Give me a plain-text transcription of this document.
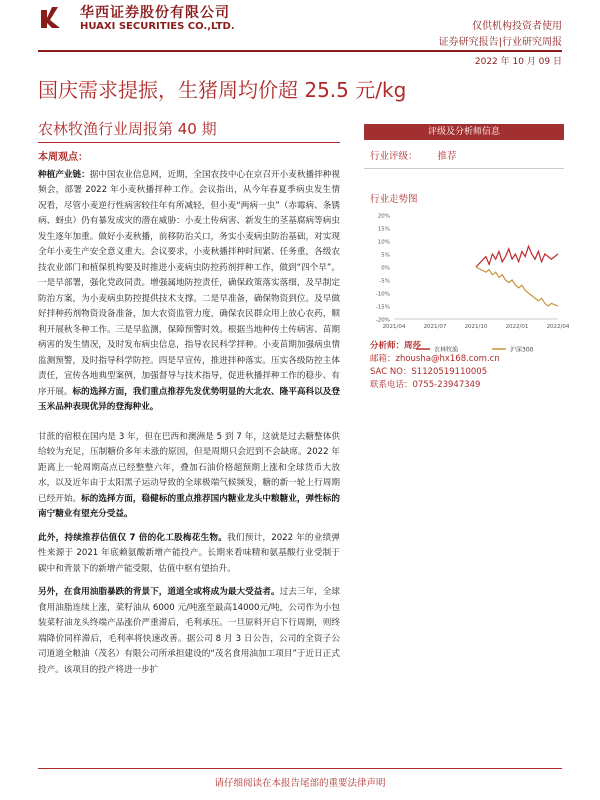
华西证券股份有限公司
HUAXI SECURITIES CO.,LTD.	仅供机构投资者使用
证券研究报告|行业研究周报
2022 年 10 月 09 日
国庆需求提振，生猪周均价超 25.5 元/kg
农林牧渔行业周报第 40 期
本周观点：
种植产业链：据中国农业信息网，近期，全国农技中心在京召开小麦秋播拌种视频会，部署 2022 年小麦秋播拌种工作。会议指出，从今年春夏季病虫发生情况看，尽管小麦逆行性病害较往年有所减轻，但小麦“两病一虫”（赤霉病、条锈病、蚜虫）仍有暴发成灾的潜在威胁：小麦土传病害、新发生的茎基腐病等病虫发生逐年加重。做好小麦秋播，前移防治关口，务实小麦病虫防治基础，对实现全年小麦生产安全意义重大。会议要求，小麦秋播拌种时间紧、任务重，各级农技农业部门和植保机构要及时推进小麦病虫防控药剂拌种工作，做到“四个早”。一是早部署，强化党政同责。增强属地防控责任，确保政策落实落细，及早制定防治方案，为小麦病虫防控提供技术支撑。二是早准备，确保物资到位。及早做好拌种药剂物资设备准备，加大农资监管力度，确保农民群众用上放心农药，顺利开展秋冬种工作。三是早监测，保障预警时效。根据当地种传土传病害、苗期病害的发生情况，及时发布病虫信息，指导农民科学拌种。小麦苗期加强病虫情监测预警，及时指导科学防控。四是早宣传，推进拌种落实。压实各级防控主体责任，宣传各地典型案例，加强督导与技术指导，促进秋播拌种工作的稳步、有序开展。标的选择方面，我们重点推荐先发优势明显的大北农、隆平高科以及登玉米品种表现优异的登海种业。
甘蔗的宿根在国内是 3 年，但在巴西和澳洲是 5 到 7 年，这就是过去糖整体供给较为充足，压制糖价多年未涨的原因，但是周期只会迟到不会缺席。2022 年距离上一轮周期高点已经整整六年，叠加石油价格超预期上涨和全球货币大放水，以及近年由于太阳黑子运动导致的全球极端气候频发，糖的新一轮上行周期已经开始。标的选择方面，稳健标的重点推荐国内糖业龙头中粮糖业，弹性标的南宁糖业有望充分受益。
此外，持续推荐估值仅 7 倍的化工股梅花生物。我们预计，2022 年的业绩弹性来源于 2021 年底赖氨酸新增产能投产。长期来看味精和氨基酸行业受制于碳中和背景下的新增产能受限，估值中枢有望抬升。
另外，在食用油脂暴跌的背景下，道道全或将成为最大受益者。过去三年，全球食用油脂连续上涨，菜籽油从 6000 元/吨涨至最高14000元/吨，公司作为小包装菜籽油龙头终端产品涨价严重滞后，毛利承压。一旦原料开启下行周期，则终端降价同样滞后，毛利率将快速改善。据公司 8 月 3 日公告，公司的全资子公司道道全粮油（茂名）有限公司所承担建设的“茂名食用油加工项目”于近日正式投产。该项目的投产将进一步扩
评级及分析师信息
行业评级： 推荐
行业走势图
20%
15%
10%
5%
0%
-5%
-10%
-15%
-20%
2021/04	2021/07	2021/10	2022/01	2022/04
农林牧渔	沪深300
分析师：周莎
邮箱：zhousha@hx168.com.cn
SAC NO：S1120519110005
联系电话：0755-23947349
请仔细阅读在本报告尾部的重要法律声明
